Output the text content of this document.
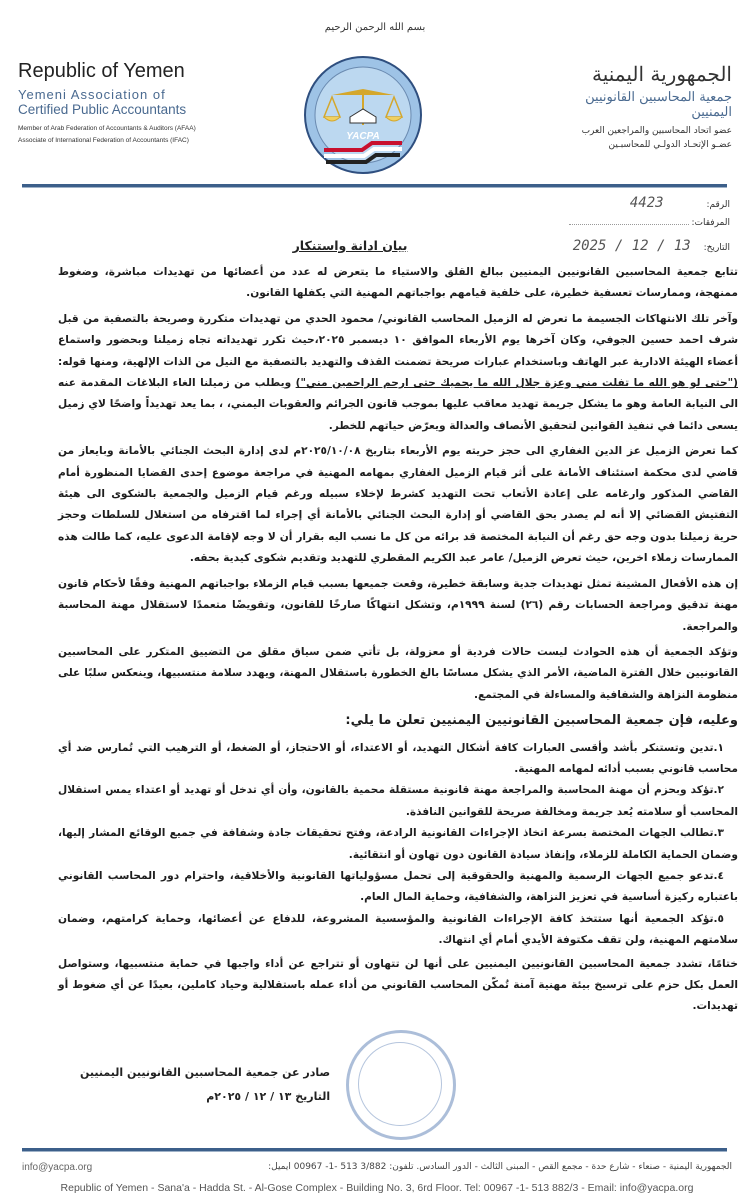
بسم الله الرحمن الرحيم
Republic of Yemen
Yemeni Association of
Certified Public Accountants
Member of Arab Federation of Accountants & Auditors (AFAA)
Associate of International Federation of Accountants (IFAC)	YACPA
الجمهورية اليمنية
جمعية المحاسبين القانونيين اليمنيين
عضو اتحاد المحاسبين والمراجعين العرب
عضـو الإتحـاد الدولـي للمحاسبـين
الرقم: 4423
المرفقات:
التاريخ: 2025 / 12 / 13
بيان ادانة واستنكار

تتابع جمعية المحاسبين القانونيين اليمنيين ببالغ القلق والاستياء ما يتعرض له عدد من أعضائها من تهديدات مباشرة، وضغوط ممنهجة، وممارسات تعسفية خطيرة، على خلفية قيامهم بواجباتهم المهنية التي يكفلها القانون.

وآخر تلك الانتهاكات الجسيمة ما تعرض له الزميل المحاسب القانوني/ محمود الحدي من تهديدات متكررة وصريحة بالتصفية من قبل شرف احمد حسين الجوفي، وكان آخرها يوم الأربعاء الموافق ١٠ ديسمبر ٢٠٢٥،حيث تكرر تهديداته تجاه زميلنا وبحضور واستماع أعضاء الهيئة الادارية عبر الهاتف وباستخدام عبارات صريحة تضمنت القذف والتهديد بالتصفية مع النيل من الذات الإلهية، ومنها قوله:("حتى لو هو الله ما تفلت مني وعزة جلال الله ما يحميك حتى ارحم الراحمين مني") ويطلب من زميلنا الغاء البلاغات المقدمة عنه الى النيابة العامة وهو ما يشكل جريمة تهديد معاقب عليها بموجب قانون الجرائم والعقوبات اليمني، ، بما يعد تهديداً واضحًا لاي زميل يسعى دائما في تنفيذ القوانين لتحقيق الأنصاف والعدالة ويعرّض حياتهم للخطر.

كما تعرض الزميل عز الدين الغفاري الى حجز حريته يوم الأربعاء بتاريخ ٢٠٢٥/١٠/٠٨م لدى إدارة البحث الجنائي بالأمانة وبايعاز من قاضي لدى محكمة استئناف الأمانة على أثر قيام الزميل الغفاري بمهامه المهنية في مراجعة موضوع إحدى القضايا المنظورة أمام القاضي المذكور وارغامه على إعادة الأتعاب تحت التهديد كشرط لإخلاء سبيله ورغم قيام الزميل والجمعية بالشكوى الى هيئة التفتيش القضائي إلا أنه لم يصدر بحق القاضي أو إدارة البحث الجنائي بالأمانة أي إجراء لما اقترفاه من استغلال للسلطات وحجز حرية زميلنا بدون وجه حق رغم أن النيابة المختصة قد برائه من كل ما نسب اليه بقرار أن لا وجه لإقامة الدعوى عليه، كما طالت هذه الممارسات زملاء اخرين، حيث تعرض الزميل/ عامر عبد الكريم المقطري للتهديد وتقديم شكوى كيدية بحقه.

إن هذه الأفعال المشينة تمثل تهديدات جدية وسابقة خطيرة، وقعت جميعها بسبب قيام الزملاء بواجباتهم المهنية وفقًا لأحكام قانون مهنة تدقيق ومراجعة الحسابات رقم (٢٦) لسنة ١٩٩٩م، وتشكل انتهاكًا صارخًا للقانون، وتقويضًا متعمدًا لاستقلال مهنة المحاسبة والمراجعة.

وتؤكد الجمعية أن هذه الحوادث ليست حالات فردية أو معزولة، بل تأتي ضمن سياق مقلق من التضييق المتكرر على المحاسبين القانونيين خلال الفترة الماضية، الأمر الذي يشكل مساسًا بالغ الخطورة باستقلال المهنة، ويهدد سلامة منتسبيها، وينعكس سلبًا على منظومة النزاهة والشفافية والمساءلة في المجتمع.

وعليه، فإن جمعية المحاسبين القانونيين اليمنيين تعلن ما يلي:

١.تدين وتستنكر بأشد وأقسى العبارات كافة أشكال التهديد، أو الاعتداء، أو الاحتجاز، أو الضغط، أو الترهيب التي تُمارس ضد أي محاسب قانوني بسبب أدائه لمهامه المهنية.

٢.تؤكد وبحزم أن مهنة المحاسبة والمراجعة مهنة قانونية مستقلة محمية بالقانون، وأن أي تدخل أو تهديد أو اعتداء يمس استقلال المحاسب أو سلامته يُعد جريمة ومخالفة صريحة للقوانين النافذة.

٣.تطالب الجهات المختصة بسرعة اتخاذ الإجراءات القانونية الرادعة، وفتح تحقيقات جادة وشفافة في جميع الوقائع المشار إليها، وضمان الحماية الكاملة للزملاء، وإنفاذ سيادة القانون دون تهاون أو انتقائية.

٤.تدعو جميع الجهات الرسمية والمهنية والحقوقية إلى تحمل مسؤولياتها القانونية والأخلاقية، واحترام دور المحاسب القانوني باعتباره ركيزة أساسية في تعزيز النزاهة، والشفافية، وحماية المال العام.

٥.تؤكد الجمعية أنها ستتخذ كافة الإجراءات القانونية والمؤسسية المشروعة، للدفاع عن أعضائها، وحماية كرامتهم، وضمان سلامتهم المهنية، ولن تقف مكتوفة الأيدي أمام أي انتهاك.

ختامًا، تشدد جمعية المحاسبين القانونيين اليمنيين على أنها لن تتهاون أو تتراجع عن أداء واجبها في حماية منتسبيها، وستواصل العمل بكل حزم على ترسيخ بيئة مهنية آمنة تُمكّن المحاسب القانوني من أداء عمله باستقلالية وحياد كاملين، بعيدًا عن أي ضغوط أو تهديدات.

صادر عن جمعية المحاسبين القانونيين اليمنيين
التاريخ ١٣ / ١٢ / ٢٠٢٥م
الجمهورية اليمنية - صنعاء - شارع حدة - مجمع القص - المبنى الثالث - الدور السادس. تلفون: 3/882 513 -1- 00967 ايميل:
info@yacpa.org
Republic of Yemen - Sana'a - Hadda St. - Al-Gose Complex - Building No. 3, 6rd Floor. Tel: 00967 -1- 513 882/3 - Email: info@yacpa.org
